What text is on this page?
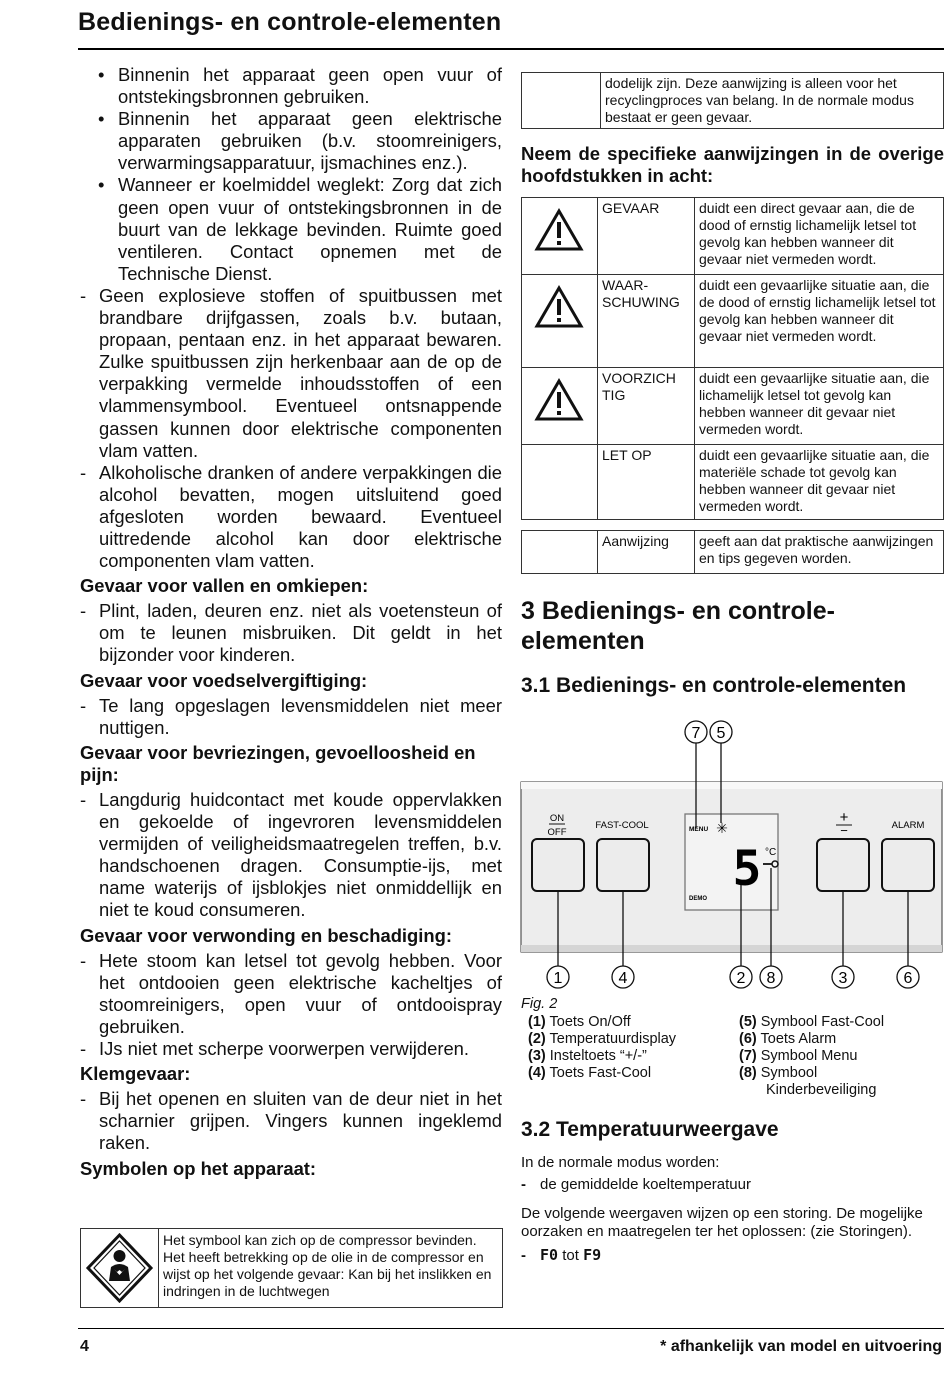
Bedienings- en controle-elementen
• Binnenin het apparaat geen open vuur of ontstekingsbronnen gebruiken.
• Binnenin het apparaat geen elektrische apparaten gebruiken (b.v. stoomreinigers, verwarmingsapparatuur, ijsmachines enz.).
• Wanneer er koelmiddel weglekt: Zorg dat zich geen open vuur of ontstekingsbronnen in de buurt van de lekkage bevinden. Ruimte goed ventileren. Contact opnemen met de Technische Dienst.
- Geen explosieve stoffen of spuitbussen met brandbare drijfgassen, zoals b.v. butaan, propaan, pentaan enz. in het apparaat bewaren. Zulke spuitbussen zijn herkenbaar aan de op de verpakking vermelde inhoudsstoffen of een vlammensymbool. Eventueel ontsnappende gassen kunnen door elektrische componenten vlam vatten.
- Alkoholische dranken of andere verpakkingen die alcohol bevatten, mogen uitsluitend goed afgesloten worden bewaard. Eventueel uittredende alcohol kan door elektrische componenten vlam vatten.
Gevaar voor vallen en omkiepen:
- Plint, laden, deuren enz. niet als voetensteun of om te leunen misbruiken. Dit geldt in het bijzonder voor kinderen.
Gevaar voor voedselvergiftiging:
- Te lang opgeslagen levensmiddelen niet meer nuttigen.
Gevaar voor bevriezingen, gevoelloosheid en pijn:
- Langdurig huidcontact met koude oppervlakken en gekoelde of ingevroren levensmiddelen vermijden of veiligheidsmaatregelen treffen, b.v. handschoenen dragen. Consumptie-ijs, met name waterijs of ijsblokjes niet onmiddellijk en niet te koud consumeren.
Gevaar voor verwonding en beschadiging:
- Hete stoom kan letsel tot gevolg hebben. Voor het ontdooien geen elektrische kacheltjes of stoomreinigers, open vuur of ontdooispray gebruiken.
- IJs niet met scherpe voorwerpen verwijderen.
Klemgevaar:
- Bij het openen en sluiten van de deur niet in het scharnier grijpen. Vingers kunnen ingeklemd raken.
Symbolen op het apparaat:
Het symbool kan zich op de compressor bevinden. Het heeft betrekking op de olie in de compressor en wijst op het volgende gevaar: Kan bij het inslikken en indringen in de luchtwegen
	dodelijk zijn. Deze aanwijzing is alleen voor het recyclingproces van belang. In de normale modus bestaat er geen gevaar.
Neem de specifieke aanwijzingen in de overige hoofdstukken in acht:
	GEVAAR	duidt een direct gevaar aan, die de dood of ernstig lichamelijk letsel tot gevolg kan hebben wanneer dit gevaar niet vermeden wordt.
	WAAR-
SCHUWING	duidt een gevaarlijke situatie aan, die de dood of ernstig lichamelijk letsel tot gevolg kan hebben wanneer dit gevaar niet vermeden wordt.
	VOORZICH
TIG	duidt een gevaarlijke situatie aan, die lichamelijk letsel tot gevolg kan hebben wanneer dit gevaar niet vermeden wordt.
	LET OP	duidt een gevaarlijke situatie aan, die materiële schade tot gevolg kan hebben wanneer dit gevaar niet vermeden wordt.
	Aanwijzing	geeft aan dat praktische aanwijzingen en tips gegeven worden.
3 Bedienings- en controle-elementen
3.1 Bedienings- en controle-elementen
ON
OFF
FAST-COOL	+
−	ALARM
MENU ✳
5 °C
DEMO
7 5
1	4	2 8	3	6
Fig. 2
(1) Toets On/Off
(2) Temperatuurdisplay
(3) Insteltoets “+/-”
(4) Toets Fast-Cool
(5) Symbool Fast-Cool
(6) Toets Alarm
(7) Symbool Menu
(8) Symbool Kinderbeveiliging
3.2 Temperatuurweergave
In de normale modus worden:
- de gemiddelde koeltemperatuur
De volgende weergaven wijzen op een storing. De mogelijke oorzaken en maatregelen ter het oplossen: (zie Storingen).
- F0 tot F9
4	* afhankelijk van model en uitvoering
